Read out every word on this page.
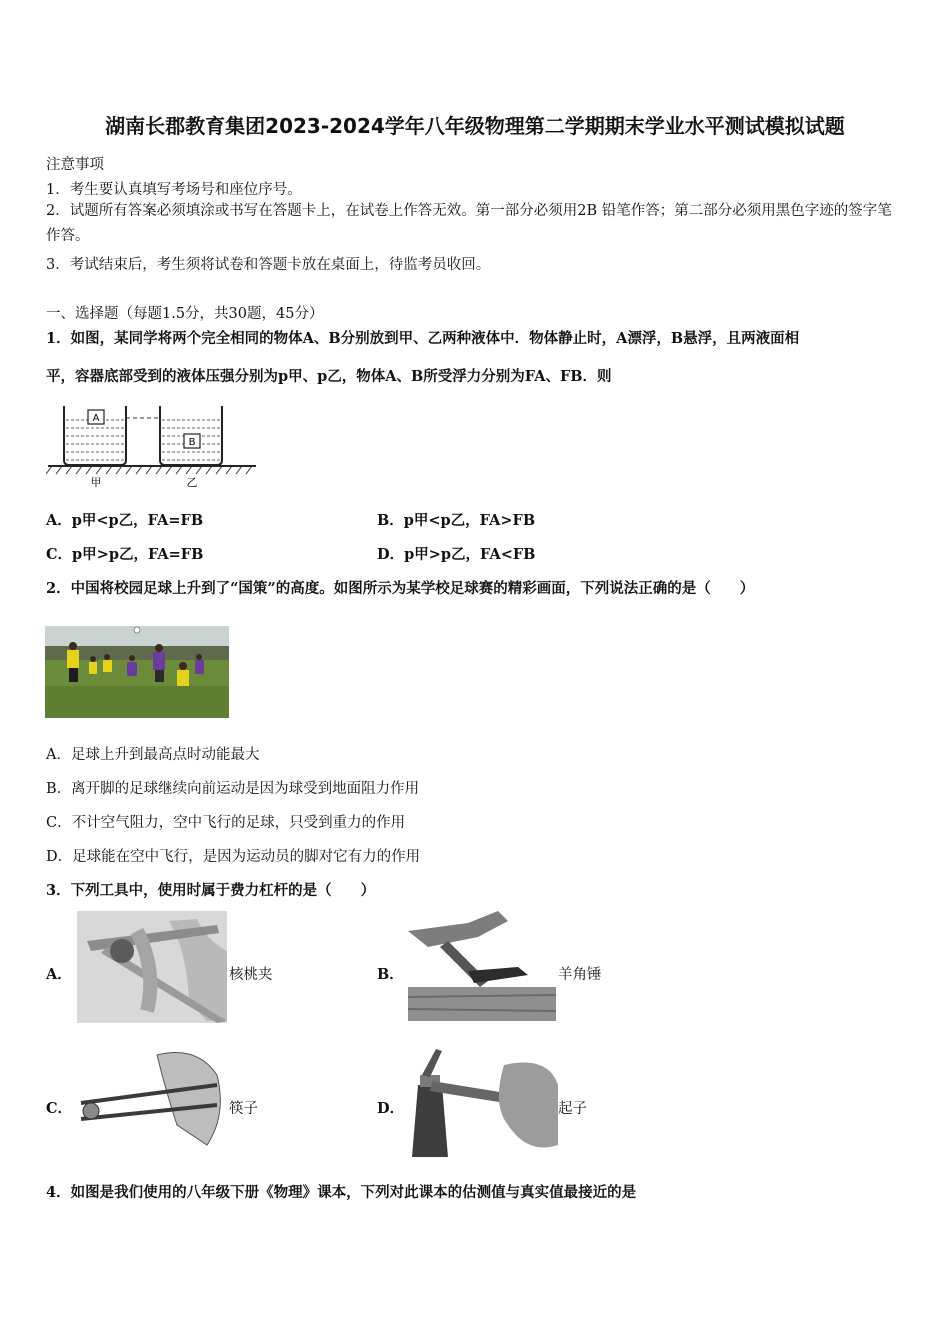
湖南长郡教育集团2023-2024学年八年级物理第二学期期末学业水平测试模拟试题
注意事项
1．考生要认真填写考场号和座位序号。
2．试题所有答案必须填涂或书写在答题卡上，在试卷上作答无效。第一部分必须用2B 铅笔作答；第二部分必须用黑色字迹的签字笔作答。
3．考试结束后，考生须将试卷和答题卡放在桌面上，待监考员收回。
一、选择题（每题1.5分，共30题，45分）
1．如图，某同学将两个完全相同的物体A、B分别放到甲、乙两种液体中．物体静止时，A漂浮，B悬浮，且两液面相
平，容器底部受到的液体压强分别为p甲、p乙，物体A、B所受浮力分别为FA、FB．则
A
B
甲	乙
A．p甲<p乙，FA=FB	B．p甲<p乙，FA>FB
C．p甲>p乙，FA=FB	D．p甲>p乙，FA<FB
2．中国将校园足球上升到了“国策”的高度。如图所示为某学校足球赛的精彩画面，下列说法正确的是（　　）
A．足球上升到最高点时动能最大
B．离开脚的足球继续向前运动是因为球受到地面阻力作用
C．不计空气阻力，空中飞行的足球，只受到重力的作用
D．足球能在空中飞行，是因为运动员的脚对它有力的作用
3．下列工具中，使用时属于费力杠杆的是（　　）
A．	核桃夹	B．	羊角锤
C．	筷子	D．	起子
4．如图是我们使用的八年级下册《物理》课本，下列对此课本的估测值与真实值最接近的是
